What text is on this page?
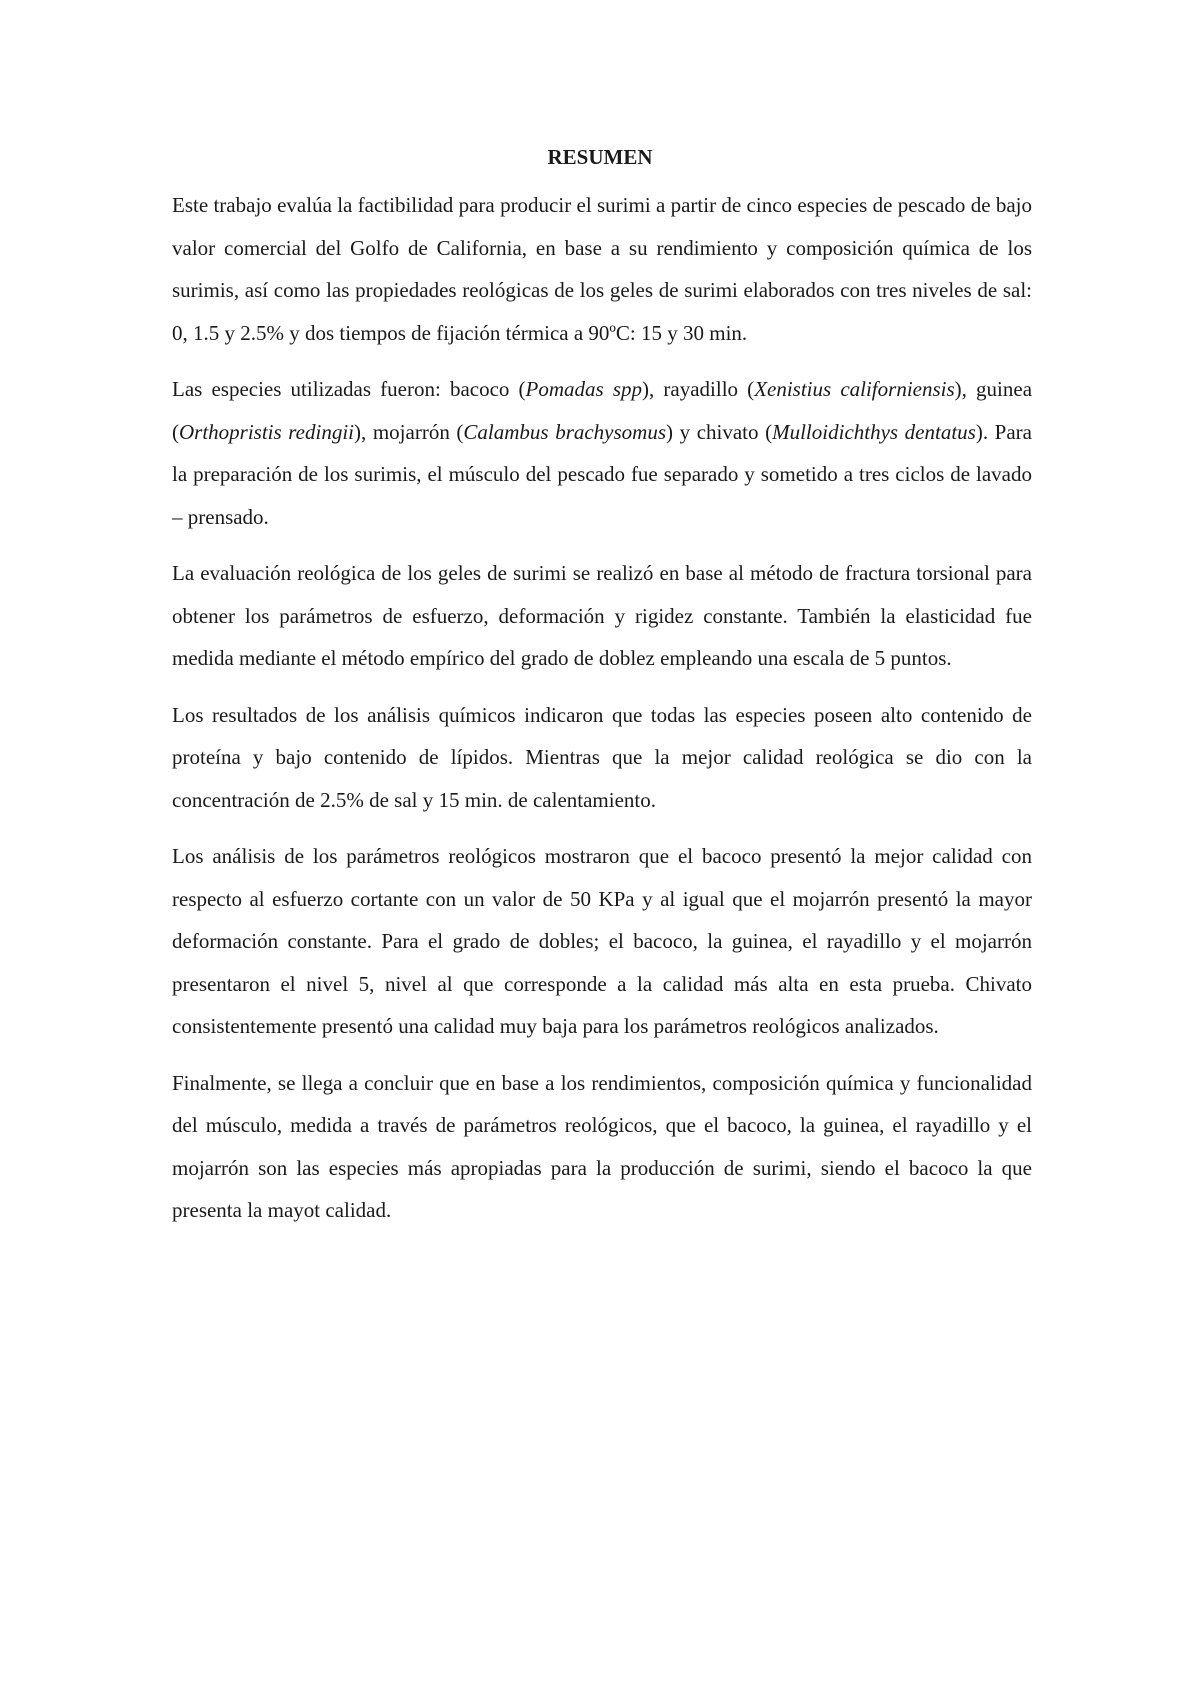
RESUMEN

Este trabajo evalúa la factibilidad para producir el surimi a partir de cinco especies de pescado de bajo valor comercial del Golfo de California, en base a su rendimiento y composición química de los surimis, así como las propiedades reológicas de los geles de surimi elaborados con tres niveles de sal: 0, 1.5 y 2.5% y dos tiempos de fijación térmica a 90ºC: 15 y 30 min.

Las especies utilizadas fueron: bacoco (Pomadas spp), rayadillo (Xenistius californiensis), guinea (Orthopristis redingii), mojarrón (Calambus brachysomus) y chivato (Mulloidichthys dentatus). Para la preparación de los surimis, el músculo del pescado fue separado y sometido a tres ciclos de lavado – prensado.

La evaluación reológica de los geles de surimi se realizó en base al método de fractura torsional para obtener los parámetros de esfuerzo, deformación y rigidez constante. También la elasticidad fue medida mediante el método empírico del grado de doblez empleando una escala de 5 puntos.

Los resultados de los análisis químicos indicaron que todas las especies poseen alto contenido de proteína y bajo contenido de lípidos. Mientras que la mejor calidad reológica se dio con la concentración de 2.5% de sal y 15 min. de calentamiento.

Los análisis de los parámetros reológicos mostraron que el bacoco presentó la mejor calidad con respecto al esfuerzo cortante con un valor de 50 KPa y al igual que el mojarrón presentó la mayor deformación constante. Para el grado de dobles; el bacoco, la guinea, el rayadillo y el mojarrón presentaron el nivel 5, nivel al que corresponde a la calidad más alta en esta prueba. Chivato consistentemente presentó una calidad muy baja para los parámetros reológicos analizados.

Finalmente, se llega a concluir que en base a los rendimientos, composición química y funcionalidad del músculo, medida a través de parámetros reológicos, que el bacoco, la guinea, el rayadillo y el mojarrón son las especies más apropiadas para la producción de surimi, siendo el bacoco la que presenta la mayot calidad.
